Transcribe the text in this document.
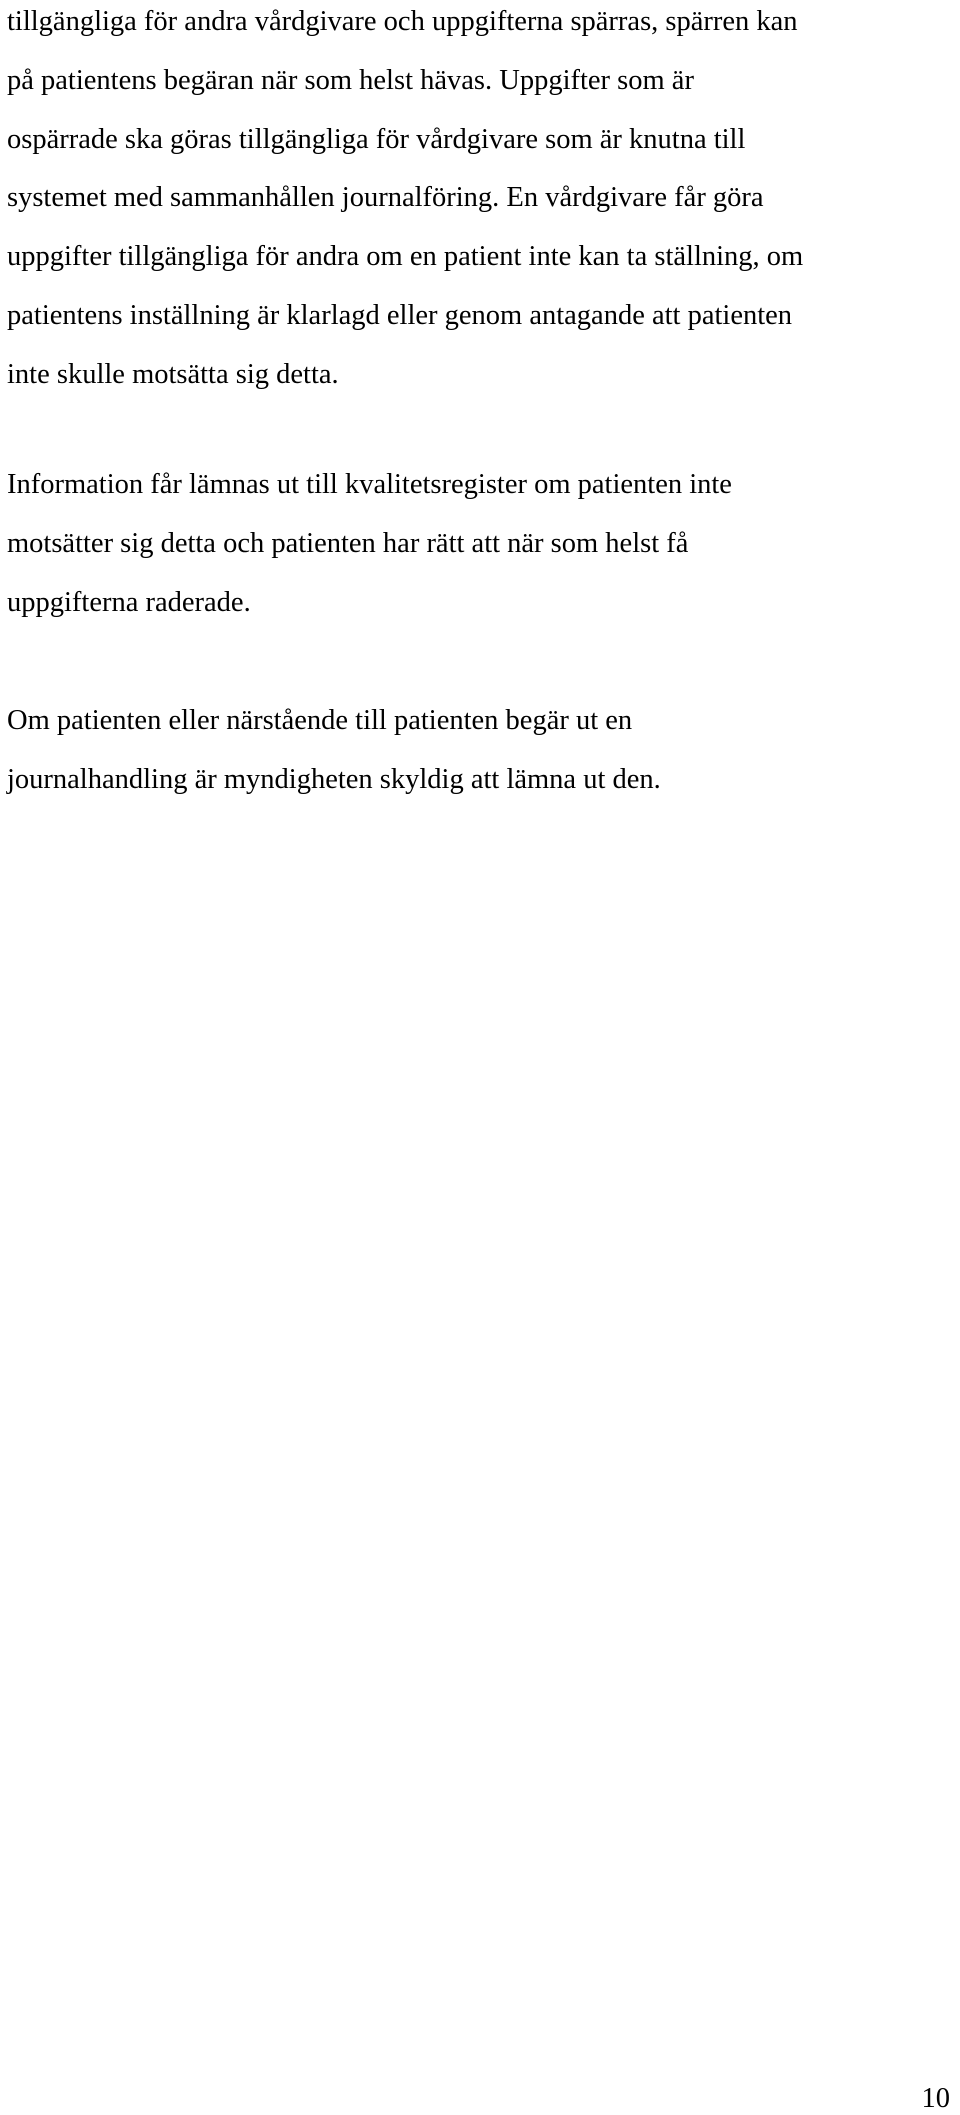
tillgängliga för andra vårdgivare och uppgifterna spärras, spärren kan
på patientens begäran när som helst hävas. Uppgifter som är
ospärrade ska göras tillgängliga för vårdgivare som är knutna till
systemet med sammanhållen journalföring. En vårdgivare får göra
uppgifter tillgängliga för andra om en patient inte kan ta ställning, om
patientens inställning är klarlagd eller genom antagande att patienten
inte skulle motsätta sig detta.

Information får lämnas ut till kvalitetsregister om patienten inte
motsätter sig detta och patienten har rätt att när som helst få
uppgifterna raderade.

Om patienten eller närstående till patienten begär ut en
journalhandling är myndigheten skyldig att lämna ut den.

10
